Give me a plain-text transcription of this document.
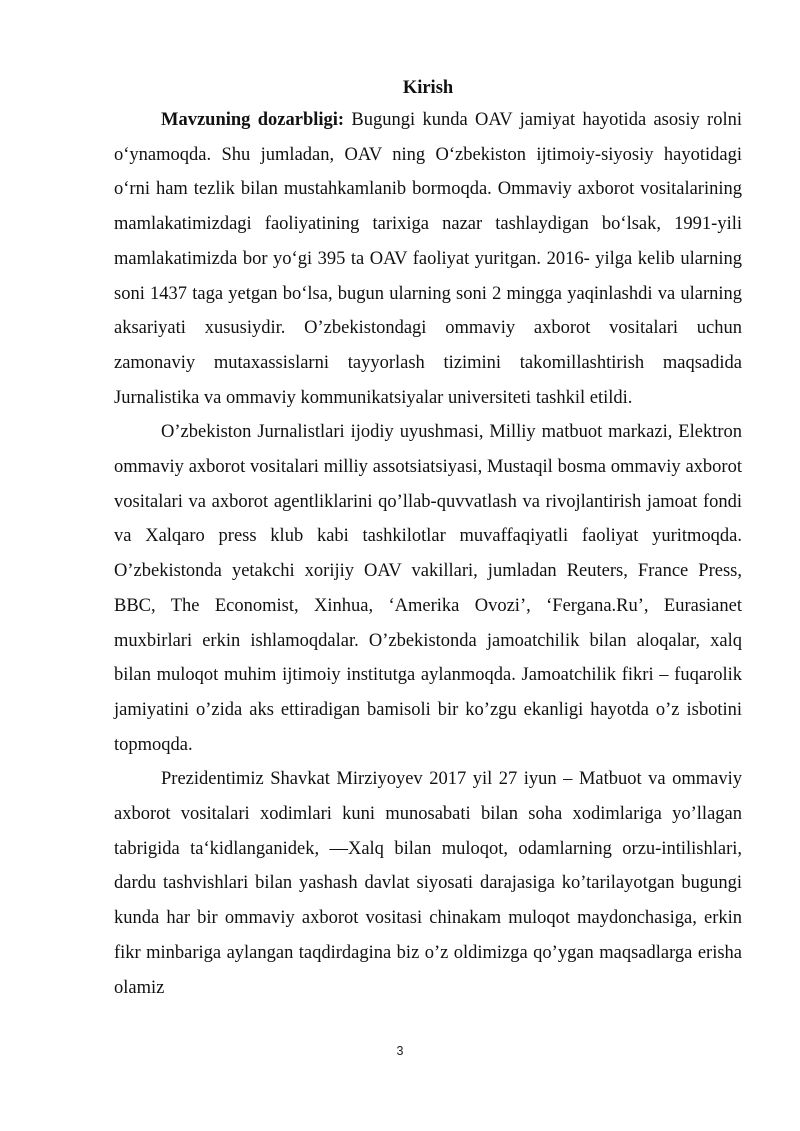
Kirish

Mavzuning dozarbligi: Bugungi kunda OAV jamiyat hayotida asosiy rolni o‘ynamoqda. Shu jumladan, OAV ning O‘zbekiston ijtimoiy-siyosiy hayotidagi o‘rni ham tezlik bilan mustahkamlanib bormoqda. Ommaviy axborot vositalarining mamlakatimizdagi faoliyatining tarixiga nazar tashlaydigan bo‘lsak, 1991-yili mamlakatimizda bor yo‘gi 395 ta OAV faoliyat yuritgan. 2016- yilga kelib ularning soni 1437 taga yetgan bo‘lsa, bugun ularning soni 2 mingga yaqinlashdi va ularning aksariyati xususiydir. O’zbekistondagi ommaviy axborot vositalari uchun zamonaviy mutaxassislarni tayyorlash tizimini takomillashtirish maqsadida Jurnalistika va ommaviy kommunikatsiyalar universiteti tashkil etildi.

O’zbekiston Jurnalistlari ijodiy uyushmasi, Milliy matbuot markazi, Elektron ommaviy axborot vositalari milliy assotsiatsiyasi, Mustaqil bosma ommaviy axborot vositalari va axborot agentliklarini qo’llab-quvvatlash va rivojlantirish jamoat fondi va Xalqaro press klub kabi tashkilotlar muvaffaqiyatli faoliyat yuritmoqda. O’zbekistonda yetakchi xorijiy OAV vakillari, jumladan Reuters, France Press, BBC, The Economist, Xinhua, ‘Amerika Ovozi’, ‘Fergana.Ru’, Eurasianet muxbirlari erkin ishlamoqdalar. O’zbekistonda jamoatchilik bilan aloqalar, xalq bilan muloqot muhim ijtimoiy institutga aylanmoqda. Jamoatchilik fikri – fuqarolik jamiyatini o’zida aks ettiradigan bamisoli bir ko’zgu ekanligi hayotda o’z isbotini topmoqda.

Prezidentimiz Shavkat Mirziyoyev 2017 yil 27 iyun – Matbuot va ommaviy axborot vositalari xodimlari kuni munosabati bilan soha xodimlariga yo’llagan tabrigida ta‘kidlanganidek, ―Xalq bilan muloqot, odamlarning orzu-intilishlari, dardu tashvishlari bilan yashash davlat siyosati darajasiga ko’tarilayotgan bugungi kunda har bir ommaviy axborot vositasi chinakam muloqot maydonchasiga, erkin fikr minbariga aylangan taqdirdagina biz o’z oldimizga qo’ygan maqsadlarga erisha olamiz

3
